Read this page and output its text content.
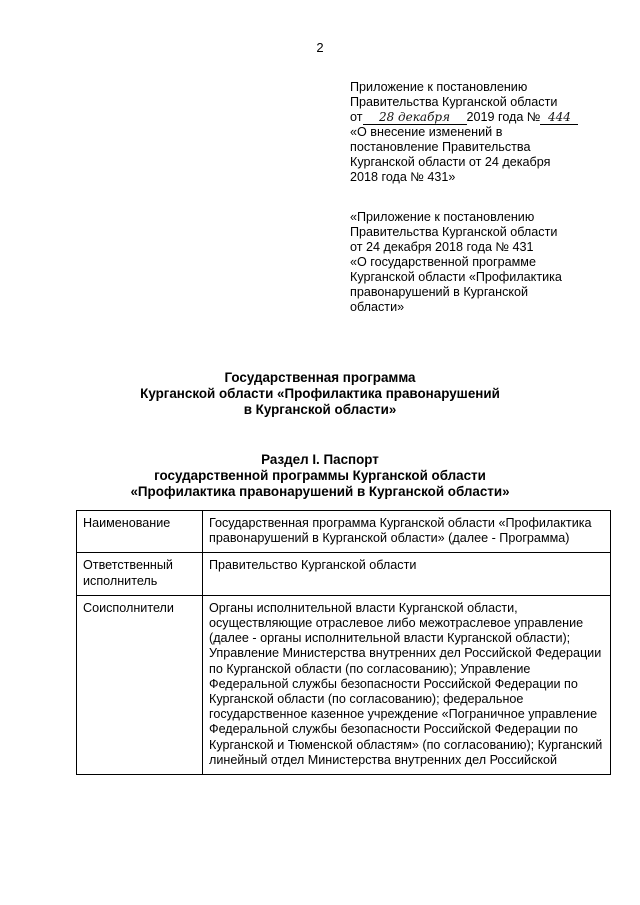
2
Приложение к постановлению
Правительства Курганской области
от 28 декабря 2019 года № 444
«О внесение изменений в
постановление Правительства
Курганской области от 24 декабря
2018 года № 431»
«Приложение к постановлению
Правительства Курганской области
от 24 декабря 2018 года № 431
«О государственной программе
Курганской области «Профилактика
правонарушений в Курганской
области»
Государственная программа
Курганской области «Профилактика правонарушений
в Курганской области»
Раздел I. Паспорт
государственной программы Курганской области
«Профилактика правонарушений в Курганской области»
Наименование	Государственная программа Курганской области «Профилактика правонарушений в Курганской области» (далее - Программа)
Ответственный исполнитель	Правительство Курганской области
Соисполнители	Органы исполнительной власти Курганской области, осуществляющие отраслевое либо межотраслевое управление (далее - органы исполнительной власти Курганской области); Управление Министерства внутренних дел Российской Федерации по Курганской области (по согласованию); Управление Федеральной службы безопасности Российской Федерации по Курганской области (по согласованию); федеральное государственное казенное учреждение «Пограничное управление Федеральной службы безопасности Российской Федерации по Курганской и Тюменской областям» (по согласованию); Курганский линейный отдел Министерства внутренних дел Российской
